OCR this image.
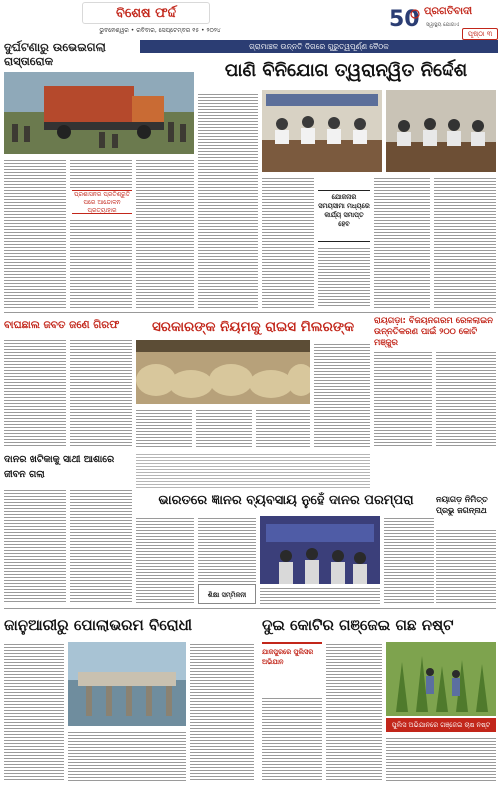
ବିଶେଷ ଫର୍ଦ୍ଦ
ଭୁବନେଶ୍ୱର • ରବିବାର, ସେପ୍ଟେମ୍ବର ୧୫ • ୨୦୨୪	50 ପ୍ରଗତିବାଦୀ
ସ୍ୱାସ୍ଥ୍ୟ ଯୋଗାଏ
ପୃଷ୍ଠା ୩
ଦୁର୍ଘଟଣାରୁ ଉଭେଇଗଲା ରାସ୍ତାରୋକ
ପ୍ରଶାସନର ପ୍ରତିଶ୍ରୁତି ପରେ ଆନ୍ଦୋଳନ ପ୍ରତ୍ୟାହାର
ଗ୍ରାମାଞ୍ଚଳ ଉନ୍ନତି ଦିଗରେ ଗୁରୁତ୍ୱପୂର୍ଣ୍ଣ ବୈଠକ
ପାଣି ବିନିଯୋଗ ତ୍ୱରାନ୍ୱିତ ନିର୍ଦ୍ଦେଶ
ଯୋଜନାର ସମୟସୀମା ମଧ୍ୟରେ କାର୍ଯ୍ୟ ସମାପ୍ତ ହେବ
ବାଘଛାଲ ଜବତ ଜଣେ ଗିରଫ	ସରକାରଙ୍କ ନିୟମକୁ ରାଇସ ମିଲରଙ୍କ	ରାୟଗଡ଼ା: ବିଜୟନଗରମ ରେଳଲାଇନ ଉନ୍ନତିକରଣ ପାଇଁ ୨୦୦ କୋଟି ମଞ୍ଜୁର
ଦାନର ଖଟିକାକୁ ସାଥୀ ଆଶାରେ ଜୀବନ ଗଲା
ଭାରତରେ ଜ୍ଞାନର ବ୍ୟବସାୟ ନୁହେଁ ଦାନର ପରମ୍ପରା
ଶିକ୍ଷା ସମ୍ମିଳନୀ
ନୟାଗଡ଼ ନିମିତ୍ତ ପ୍ରଭୁ ଜଗନ୍ନାଥ
ଜାନୁଆରୀରୁ ପୋଲାଭରମ ବିରୋଧୀ	ଦୁଇ କୋଟିର ଗଞ୍ଜେଇ ଗଛ ନଷ୍ଟ
ଯାଜପୁରରେ ପୁଲିସର ଅଭିଯାନ
ପୁଲିସ ଅଭିଯାନରେ ଗଞ୍ଜେଇ ଚାଷ ନଷ୍ଟ
